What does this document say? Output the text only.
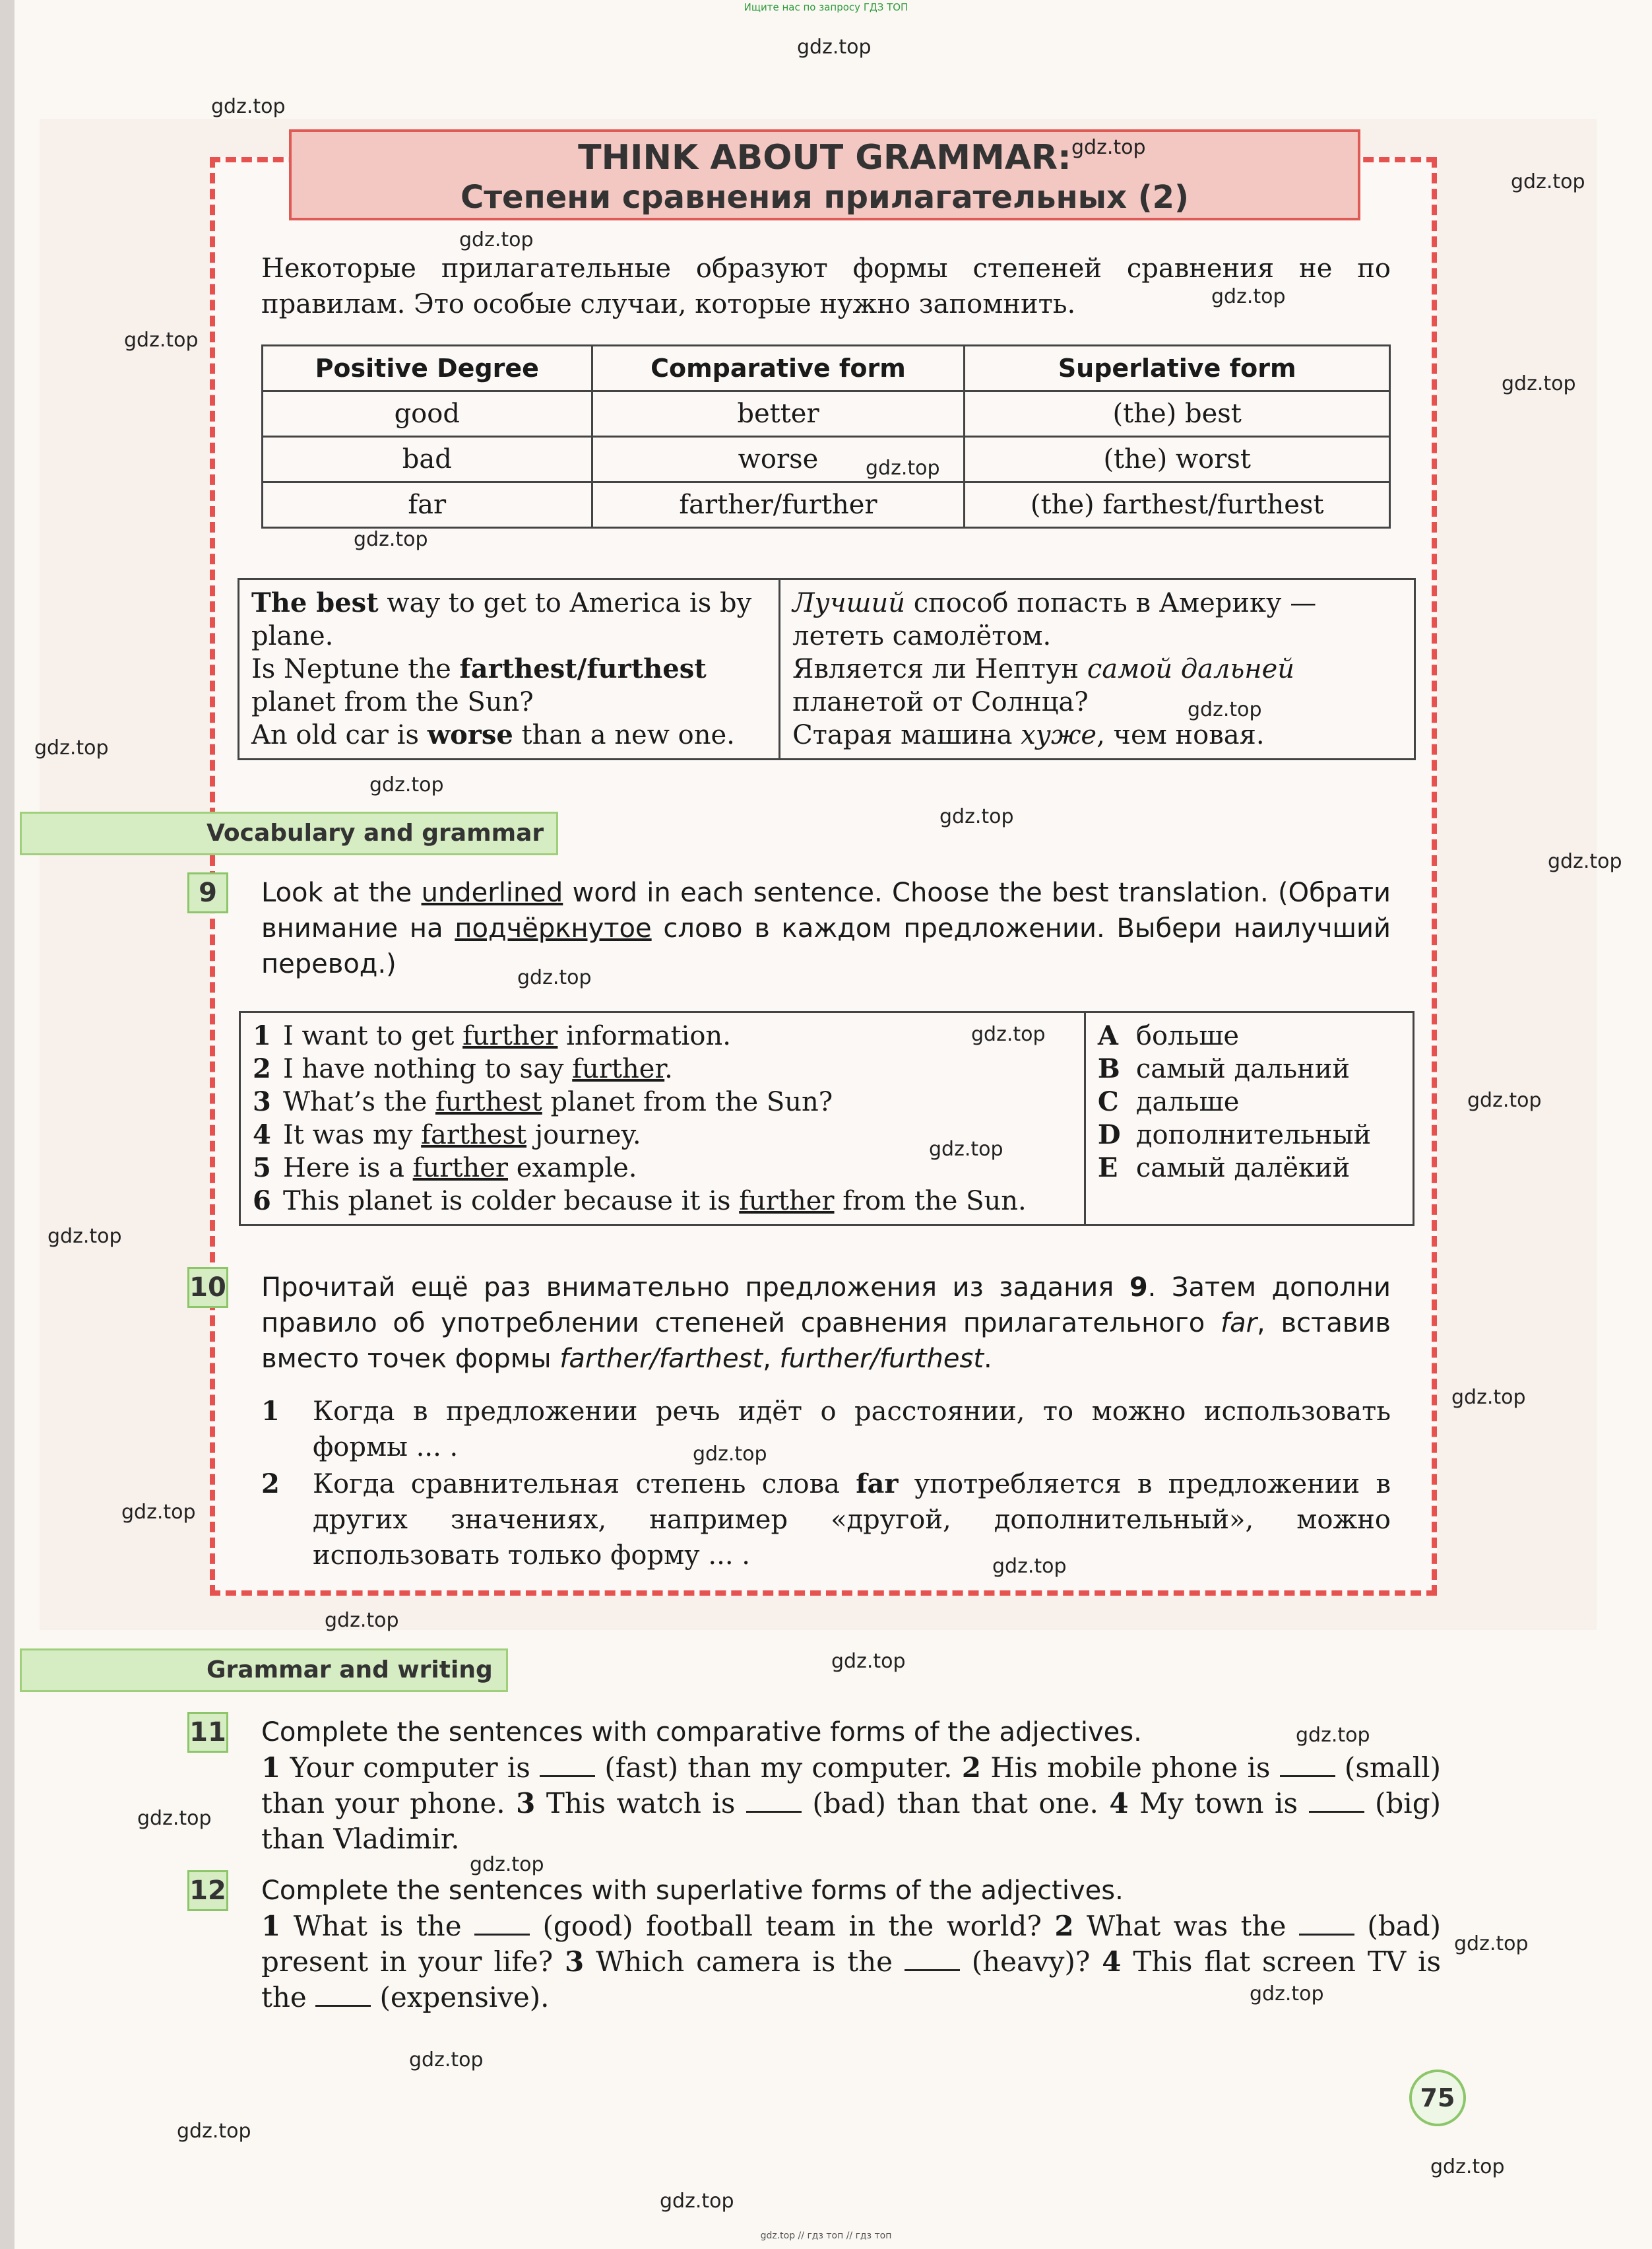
Ищите нас по запросу ГДЗ ТОП
THINK ABOUT GRAMMAR:
Степени сравнения прилагательных (2)
Некоторые прилагательные образуют формы степеней сравнения не по правилам. Это особые случаи, которые нужно запомнить.
Positive Degree	Comparative form	Superlative form
good	better	(the) best
bad	worse	(the) worst
far	farther/further	(the) farthest/furthest
The best way to get to America is by plane.
Is Neptune the farthest/furthest planet from the Sun?
An old car is worse than a new one.

Лучший способ попасть в Америку — лететь самолётом.
Является ли Нептун самой дальней планетой от Солнца?
Старая машина хуже, чем новая.
Vocabulary and grammar
9	Look at the underlined word in each sentence. Choose the best translation. (Обрати внимание на подчёркнутое слово в каждом предложении. Выбери наилучший перевод.)
1 I want to get further information.
2 I have nothing to say further.
3 What’s the furthest planet from the Sun?
4 It was my farthest journey.
5 Here is a further example.
6 This planet is colder because it is further from the Sun.

A больше
B самый дальний
C дальше
D дополнительный
E самый далёкий
10 Прочитай ещё раз внимательно предложения из задания 9. Затем дополни правило об употреблении степеней сравнения прилагательного far, вставив вместо точек формы farther/farthest, further/furthest.
1 Когда в предложении речь идёт о расстоянии, то можно использовать формы ... .
2 Когда сравнительная степень слова far употребляется в предложении в других значениях, например «другой, дополнительный», можно использовать только форму ... .
Grammar and writing
11 Complete the sentences with comparative forms of the adjectives.
1 Your computer is  (fast) than my computer. 2 His mobile phone is  (small) than your phone. 3 This watch is  (bad) than that one. 4 My town is  (big) than Vladimir.
12 Complete the sentences with superlative forms of the adjectives.
1 What is the  (good) football team in the world? 2 What was the  (bad) present in your life? 3 Which camera is the  (heavy)? 4 This flat screen TV is the  (expensive).
75
gdz.top
gdz.top
gdz.top
gdz.top
gdz.top
gdz.top
gdz.top
gdz.top
gdz.top
gdz.top
gdz.top
gdz.top
gdz.top
gdz.top
gdz.top
gdz.top
gdz.top
gdz.top
gdz.top
gdz.top
gdz.top
gdz.top
gdz.top
gdz.top
gdz.top
gdz.top
gdz.top
gdz.top
gdz.top
gdz.top
gdz.top
gdz.top
gdz.top
gdz.top
gdz.top
gdz.top // гдз топ // гдз топ
